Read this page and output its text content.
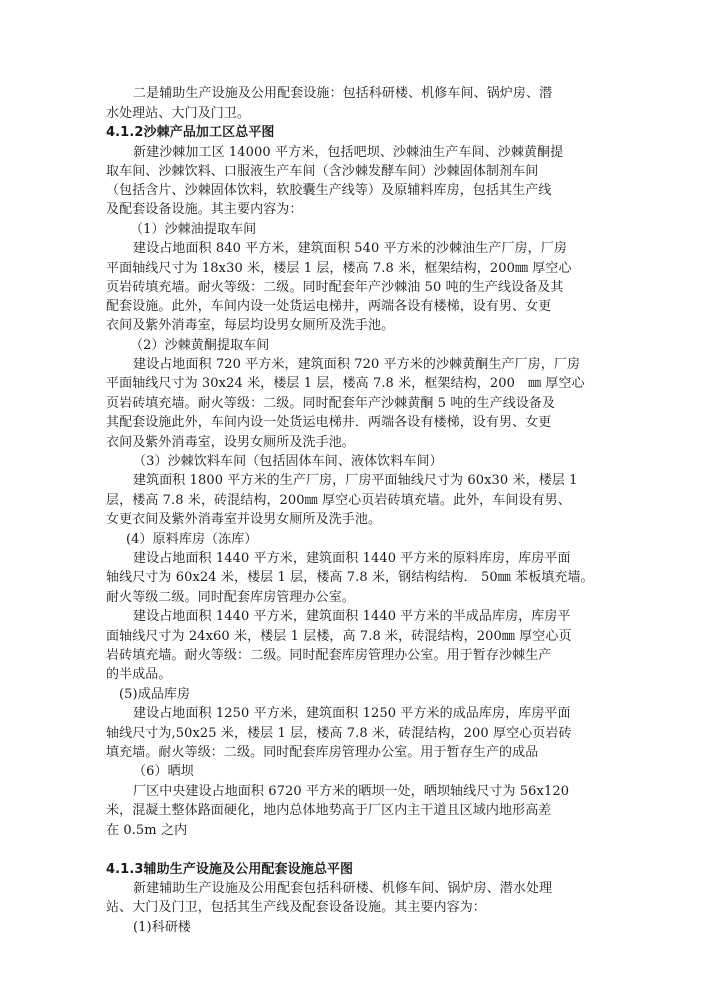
二是辅助生产设施及公用配套设施：包括科研楼、机修车间、锅炉房、潜
水处理站、大门及门卫。
4.1.2沙棘产品加工区总平图
新建沙棘加工区 14000 平方米，包括吧坝、沙棘油生产车间、沙棘黄酮提
取车间、沙棘饮料、口服液生产车间（含沙棘发酵车间）沙棘固体制剂车间
（包括含片、沙棘固体饮料，软胶囊生产线等）及原辅料库房，包括其生产线
及配套设备设施。其主要内容为：
（1）沙棘油提取车间
建设占地面积 840 平方米，建筑面积 540 平方米的沙棘油生产厂房，厂房
平面轴线尺寸为 18x30 米，楼层 1 层，楼高 7.8 米，框架结构，200㎜ 厚空心
页岩砖填充墙。耐火等级：二级。同时配套年产沙棘油 50 吨的生产线设备及其
配套设施。此外，车间内设一处货运电梯井，两端各设有楼梯，设有男、女更
衣间及紫外消毒室，每层均设男女厕所及洗手池。
（2）沙棘黄酮提取车间
建设占地面积 720 平方米，建筑面积 720 平方米的沙棘黄酮生产厂房，厂房
平面轴线尺寸为 30x24 米，楼层 1 层，楼高 7.8 米，框架结构，200　㎜ 厚空心
页岩砖填充墙。耐火等级：二级。同时配套年产沙棘黄酮 5 吨的生产线设备及
其配套设施此外，车间内设一处货运电梯井．两端各设有楼梯，设有男、女更
衣间及紫外消毒室，设男女厕所及洗手池。
（3）沙棘饮料车间（包括固体车间、液体饮料车间）
建筑面积 1800 平方米的生产厂房，厂房平面轴线尺寸为 60x30 米，楼层 1
层，楼高 7.8 米，砖混结构，200㎜ 厚空心页岩砖填充墙。此外，车间设有男、
女更衣间及紫外消毒室并设男女厕所及洗手池。
(4）原料库房（冻库）
建设占地面积 1440 平方米，建筑面积 1440 平方米的原料库房，库房平面
轴线尺寸为 60x24 米，楼层 1 层，楼高 7.8 米，钢结构结构． 50㎜ 苯板填充墙。
耐火等级二级。同时配套库房管理办公室。
建设占地面积 1440 平方米，建筑面积 1440 平方米的半成品库房，库房平
面轴线尺寸为 24x60 米，楼层 1 层楼，高 7.8 米，砖混结构，200㎜ 厚空心页
岩砖填充墙。耐火等级：二级。同时配套库房管理办公室。用于暂存沙棘生产
的半成品。
(5)成品库房
建设占地面积 1250 平方米，建筑面积 1250 平方米的成品库房，库房平面
轴线尺寸为,50x25 米，楼层 1 层，楼高 7.8 米，砖混结构，200 厚空心页岩砖
填充墙。耐火等级：二级。同时配套库房管理办公室。用于暂存生产的成品
（6）晒坝
厂区中央建设占地面积 6720 平方米的晒坝一处，晒坝轴线尺寸为 56x120
米，混凝土整体路面硬化，地内总体地势高于厂区内主干道且区域内地形高差
在 0.5m 之内
4.1.3辅助生产设施及公用配套设施总平图
新建辅助生产设施及公用配套包括科研楼、机修车间、锅炉房、潜水处理
站、大门及门卫，包括其生产线及配套设备设施。其主要内容为：
(1)科研楼
